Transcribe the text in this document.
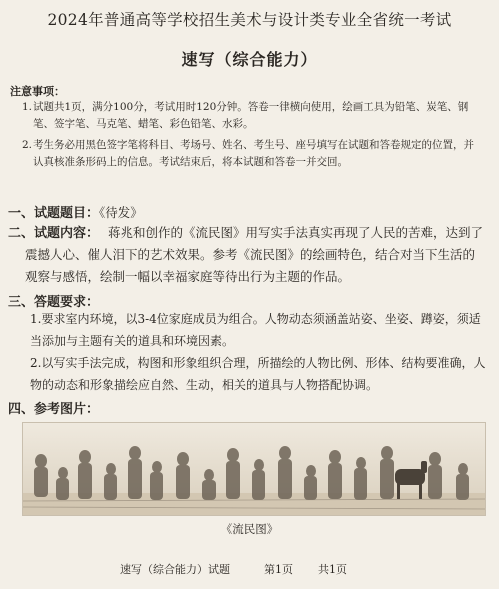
2024年普通高等学校招生美术与设计类专业全省统一考试
速写（综合能力）
注意事项：
1. 试题共1页，满分100分，考试用时120分钟。答卷一律横向使用，绘画工具为铅笔、炭笔、钢笔、签字笔、马克笔、蜡笔、彩色铅笔、水彩。
2. 考生务必用黑色签字笔将科目、考场号、姓名、考生号、座号填写在试题和答卷规定的位置，并认真核准条形码上的信息。考试结束后，将本试题和答卷一并交回。
一、试题题目：《待发》
二、试题内容： 蒋兆和创作的《流民图》用写实手法真实再现了人民的苦难，达到了震撼人心、催人泪下的艺术效果。参考《流民图》的绘画特色，结合对当下生活的观察与感悟，绘制一幅以幸福家庭等待出行为主题的作品。
三、答题要求：
1.要求室内环境，以3-4位家庭成员为组合。人物动态须涵盖站姿、坐姿、蹲姿，须适当添加与主题有关的道具和环境因素。
2.以写实手法完成，构图和形象组织合理，所描绘的人物比例、形体、结构要准确，人物的动态和形象描绘应自然、生动，相关的道具与人物搭配协调。
四、参考图片：
《流民图》
速写（综合能力）试题	第1页 共1页
